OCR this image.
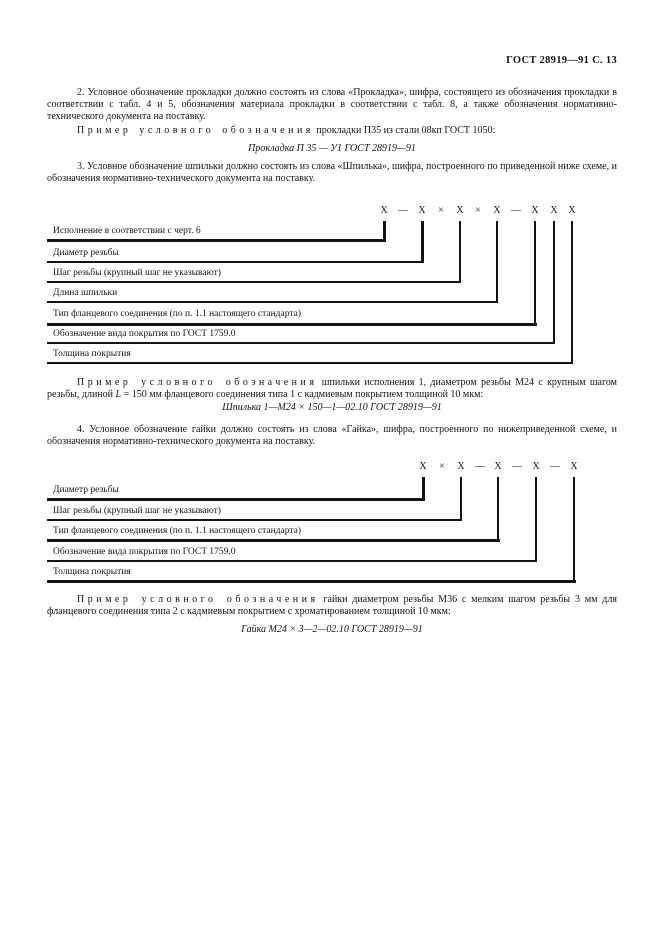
ГОСТ 28919—91 С. 13

2. Условное обозначение прокладки должно состоять из слова «Прокладка», шифра, состоящего из обозначения прокладки в соответствии с табл. 4 и 5, обозначения материала прокладки в соответствии с табл. 8, а также обозначения нормативно-технического документа на поставку.

Пример условного обозначения прокладки П35 из стали 08кп ГОСТ 1050:

Прокладка П 35 — У1 ГОСТ 28919—91

3. Условное обозначение шпильки должно состоять из слова «Шпилька», шифра, построенного по приведенной ниже схеме, и обозначения нормативно-технического документа на поставку.

X — X × X × X — X X X
Исполнение в соответствии с черт. 6
Диаметр резьбы
Шаг резьбы (крупный шаг не указывают)
Длина шпильки
Тип фланцевого соединения (по п. 1.1 настоящего стандарта)
Обозначение вида покрытия по ГОСТ 1759.0
Толщина покрытия

Пример условного обозначения шпильки исполнения 1, диаметром резьбы М24 с крупным шагом резьбы, длиной L = 150 мм фланцевого соединения типа 1 с кадмиевым покрытием толщиной 10 мкм:

Шпилька 1—М24 × 150—1—02.10 ГОСТ 28919—91

4. Условное обозначение гайки должно состоять из слова «Гайка», шифра, построенного по нижеприведенной схеме, и обозначения нормативно-технического документа на поставку.

X × X — X — X — X
Диаметр резьбы
Шаг резьбы (крупный шаг не указывают)
Тип фланцевого соединения (по п. 1.1 настоящего стандарта)
Обозначение вида покрытия по ГОСТ 1759.0
Толщина покрытия

Пример условного обозначения гайки диаметром резьбы М36 с мелким шагом резьбы 3 мм для фланцевого соединения типа 2 с кадмиевым покрытием с хроматированием толщиной 10 мкм:

Гайка М24 × 3—2—02.10 ГОСТ 28919—91
